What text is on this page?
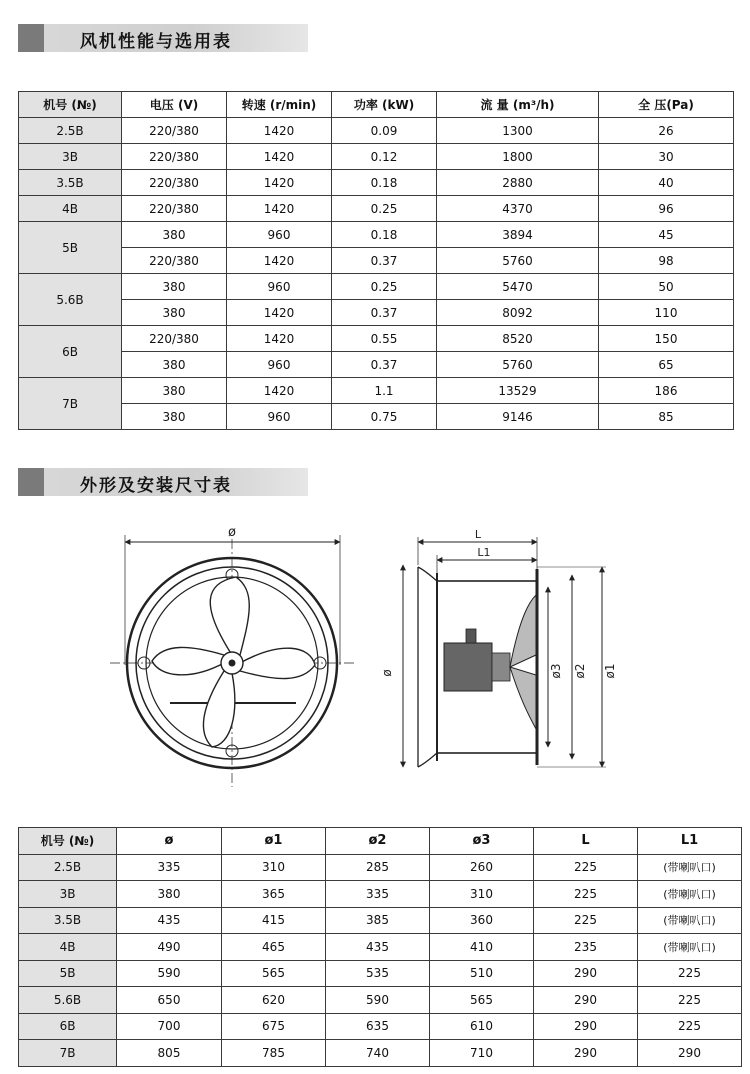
风机性能与选用表
机号 (№)	电压 (V)	转速 (r/min)	功率 (kW)	流 量 (m³/h)	全 压(Pa)
2.5B	220/380	1420	0.09	1300	26
3B	220/380	1420	0.12	1800	30
3.5B	220/380	1420	0.18	2880	40
4B	220/380	1420	0.25	4370	96
5B	380	960	0.18	3894	45
	220/380	1420	0.37	5760	98
5.6B	380	960	0.25	5470	50
	380	1420	0.37	8092	110
6B	220/380	1420	0.55	8520	150
	380	960	0.37	5760	65
7B	380	1420	1.1	13529	186
	380	960	0.75	9146	85
外形及安装尺寸表
ø	L
L1
ø	ø3 ø2 ø1
机号 (№)	ø	ø1	ø2	ø3	L	L1
2.5B	335	310	285	260	225	(带喇叭口)
3B	380	365	335	310	225	(带喇叭口)
3.5B	435	415	385	360	225	(带喇叭口)
4B	490	465	435	410	235	(带喇叭口)
5B	590	565	535	510	290	225
5.6B	650	620	590	565	290	225
6B	700	675	635	610	290	225
7B	805	785	740	710	290	290
